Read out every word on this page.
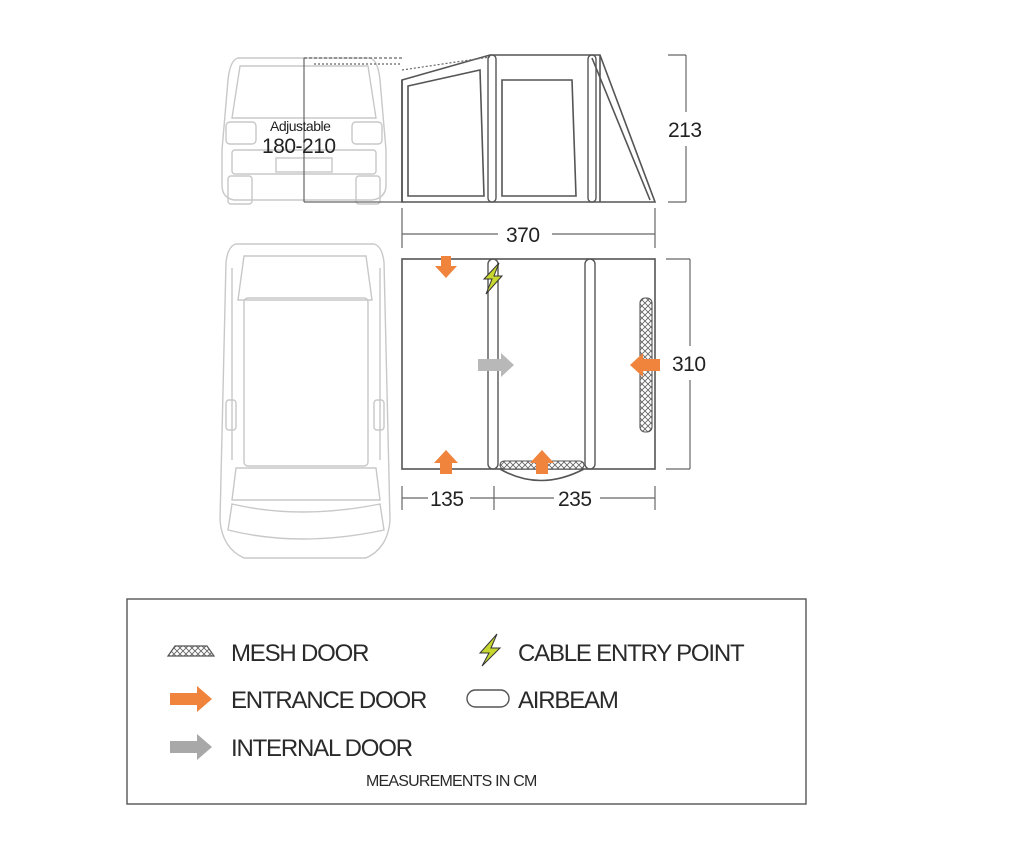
Adjustable
180-210
213
370
310
135	235
MESH DOOR
ENTRANCE DOOR
INTERNAL DOOR
CABLE ENTRY POINT
AIRBEAM
MEASUREMENTS IN CM
